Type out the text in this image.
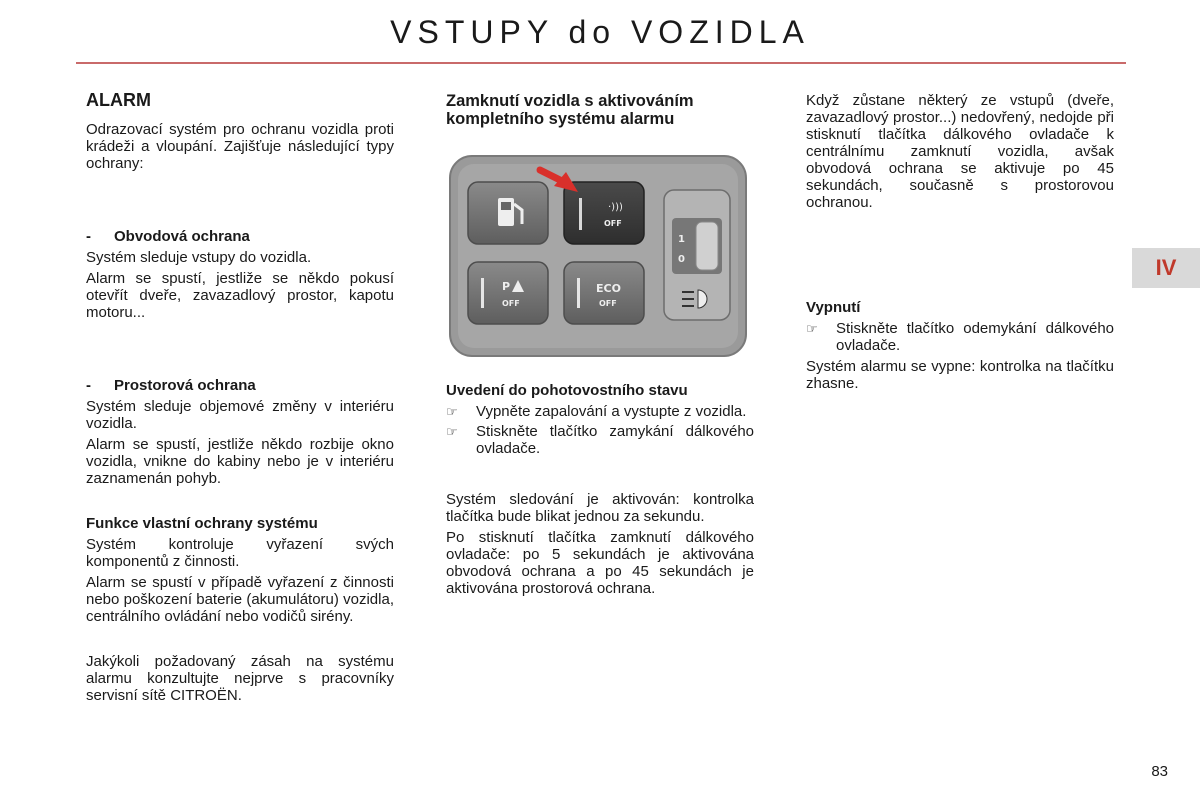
VSTUPY do VOZIDLA
IV
ALARM

Odrazovací systém pro ochranu vozidla proti krádeži a vloupání. Zajišťuje následující typy ochrany:

- Obvodová ochrana

Systém sleduje vstupy do vozidla.

Alarm se spustí, jestliže se někdo pokusí otevřít dveře, zavazadlový prostor, kapotu motoru...

- Prostorová ochrana

Systém sleduje objemové změny v interiéru vozidla.

Alarm se spustí, jestliže někdo rozbije okno vozidla, vnikne do kabiny nebo je v interiéru zaznamenán pohyb.

Funkce vlastní ochrany systému

Systém kontroluje vyřazení svých komponentů z činnosti.

Alarm se spustí v případě vyřazení z činnosti nebo poškození baterie (akumulátoru) vozidla, centrálního ovládání nebo vodičů sirény.

Jakýkoli požadovaný zásah na systému alarmu konzultujte nejprve s pracovníky servisní sítě CITROËN.

Zamknutí vozidla s aktivováním kompletního systému alarmu

·)))
OFF
P
OFF
ECO
OFF
1
0
Uvedení do pohotovostního stavu
☞	Vypněte zapalování a vystupte z vozidla.
☞	Stiskněte tlačítko zamykání dálkového ovladače.

Systém sledování je aktivován: kontrolka tlačítka bude blikat jednou za sekundu.

Po stisknutí tlačítka zamknutí dálkového ovladače: po 5 sekundách je aktivována obvodová ochrana a po 45 sekundách je aktivována prostorová ochrana.

Když zůstane některý ze vstupů (dveře, zavazadlový prostor...) nedovřený, nedojde při stisknutí tlačítka dálkového ovladače k centrálnímu zamknutí vozidla, avšak obvodová ochrana se aktivuje po 45 sekundách, současně s prostorovou ochranou.

Vypnutí
☞	Stiskněte tlačítko odemykání dálkového ovladače.

Systém alarmu se vypne: kontrolka na tlačítku zhasne.

83
